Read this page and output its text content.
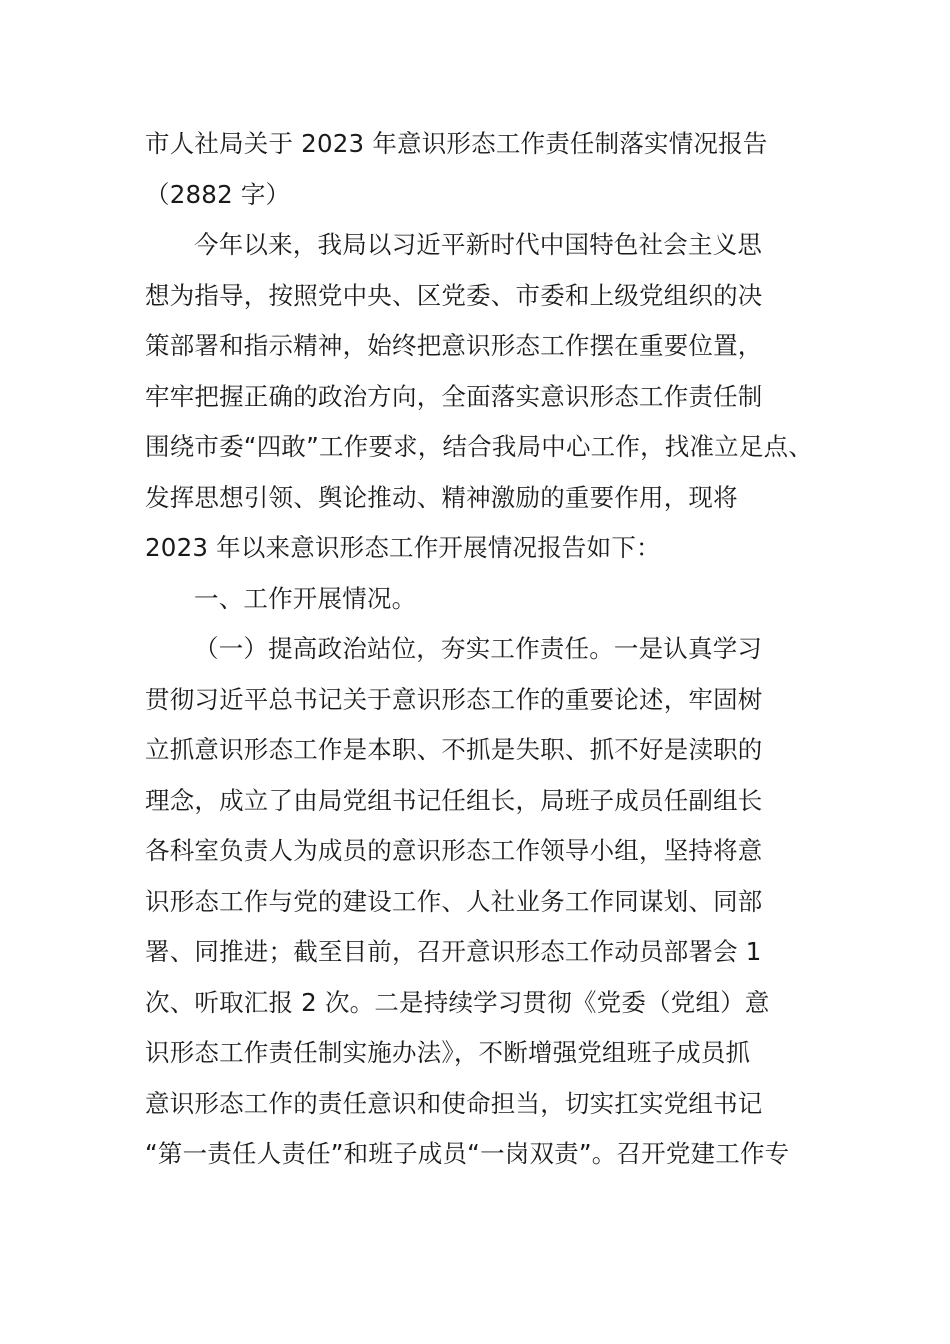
市人社局关于 2023 年意识形态工作责任制落实情况报告
（2882 字）
今年以来，我局以习近平新时代中国特色社会主义思
想为指导，按照党中央、区党委、市委和上级党组织的决
策部署和指示精神，始终把意识形态工作摆在重要位置，
牢牢把握正确的政治方向，全面落实意识形态工作责任制
围绕市委“四敢”工作要求，结合我局中心工作，找准立足点、
发挥思想引领、舆论推动、精神激励的重要作用，现将
2023 年以来意识形态工作开展情况报告如下：
一、工作开展情况。
（一）提高政治站位，夯实工作责任。一是认真学习
贯彻习近平总书记关于意识形态工作的重要论述，牢固树
立抓意识形态工作是本职、不抓是失职、抓不好是渎职的
理念，成立了由局党组书记任组长，局班子成员任副组长
各科室负责人为成员的意识形态工作领导小组，坚持将意
识形态工作与党的建设工作、人社业务工作同谋划、同部
署、同推进；截至目前，召开意识形态工作动员部署会 1
次、听取汇报 2 次。二是持续学习贯彻《党委（党组）意
识形态工作责任制实施办法》，不断增强党组班子成员抓
意识形态工作的责任意识和使命担当，切实扛实党组书记
“第一责任人责任”和班子成员“一岗双责”。召开党建工作专
